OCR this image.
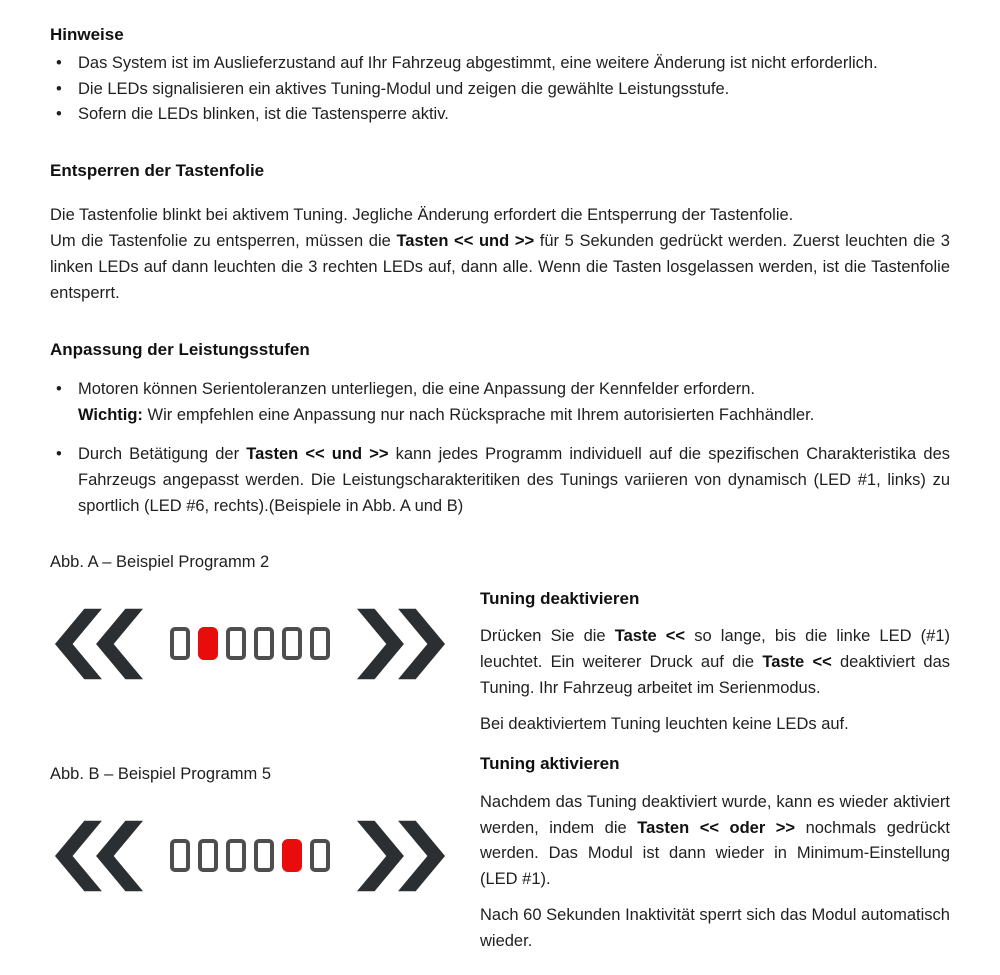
Hinweise

• Das System ist im Auslieferzustand auf Ihr Fahrzeug abgestimmt, eine weitere Änderung ist nicht erforderlich.
• Die LEDs signalisieren ein aktives Tuning-Modul und zeigen die gewählte Leistungsstufe.
• Sofern die LEDs blinken, ist die Tastensperre aktiv.

Entsperren der Tastenfolie

Die Tastenfolie blinkt bei aktivem Tuning. Jegliche Änderung erfordert die Entsperrung der Tastenfolie.
Um die Tastenfolie zu entsperren, müssen die Tasten << und >> für 5 Sekunden gedrückt werden. Zuerst leuchten die 3 linken LEDs auf dann leuchten die 3 rechten LEDs auf, dann alle. Wenn die Tasten losgelassen werden, ist die Tastenfolie entsperrt.

Anpassung der Leistungsstufen

• Motoren können Serientoleranzen unterliegen, die eine Anpassung der Kennfelder erfordern.
Wichtig: Wir empfehlen eine Anpassung nur nach Rücksprache mit Ihrem autorisierten Fachhändler.
• Durch Betätigung der Tasten << und >> kann jedes Programm individuell auf die spezifischen Charakteristika des Fahrzeugs angepasst werden. Die Leistungscharakteritiken des Tunings variieren von dynamisch (LED #1, links) zu sportlich (LED #6, rechts).(Beispiele in Abb. A und B)

Abb. A – Beispiel Programm 2

Abb. B – Beispiel Programm 5

Tuning deaktivieren

Drücken Sie die Taste << so lange, bis die linke LED (#1) leuchtet. Ein weiterer Druck auf die Taste << deaktiviert das Tuning. Ihr Fahrzeug arbeitet im Serienmodus.

Bei deaktiviertem Tuning leuchten keine LEDs auf.

Tuning aktivieren

Nachdem das Tuning deaktiviert wurde, kann es wieder aktiviert werden, indem die Tasten << oder >> nochmals gedrückt werden. Das Modul ist dann wieder in Minimum-Einstellung (LED #1).

Nach 60 Sekunden Inaktivität sperrt sich das Modul automatisch wieder.
